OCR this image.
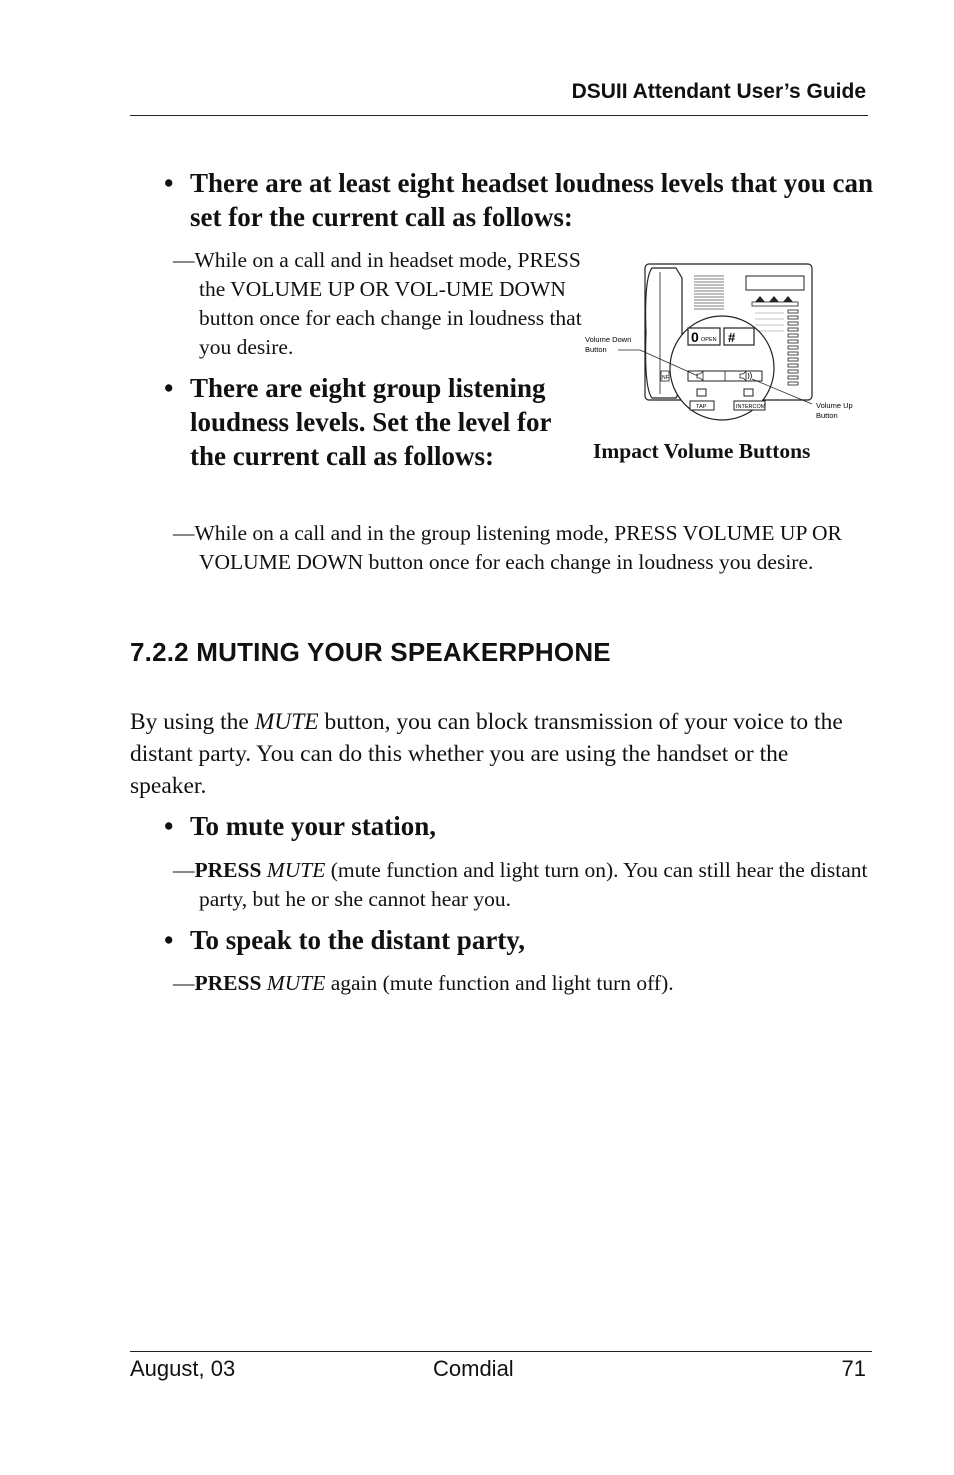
DSUII Attendant User’s Guide
• There are at least eight headset loudness levels that you can set for the current call as follows:
—While on a call and in headset mode, PRESS the VOLUME UP OR VOL-UME DOWN button once for each change in loudness that you desire.
• There are eight group listening loudness levels. Set the level for the current call as follows:
0 OPEN #
NF
TAP	INTERCOM
Volume Down
Button
Volume Up
Button
Impact Volume Buttons
—While on a call and in the group listening mode, PRESS VOLUME UP OR VOLUME DOWN button once for each change in loudness you desire.
7.2.2 MUTING YOUR SPEAKERPHONE
By using the MUTE button, you can block transmission of your voice to the distant party. You can do this whether you are using the handset or the speaker.
• To mute your station,
—PRESS MUTE (mute function and light turn on). You can still hear the distant party, but he or she cannot hear you.
• To speak to the distant party,
—PRESS MUTE again (mute function and light turn off).
August, 03	Comdial	71
